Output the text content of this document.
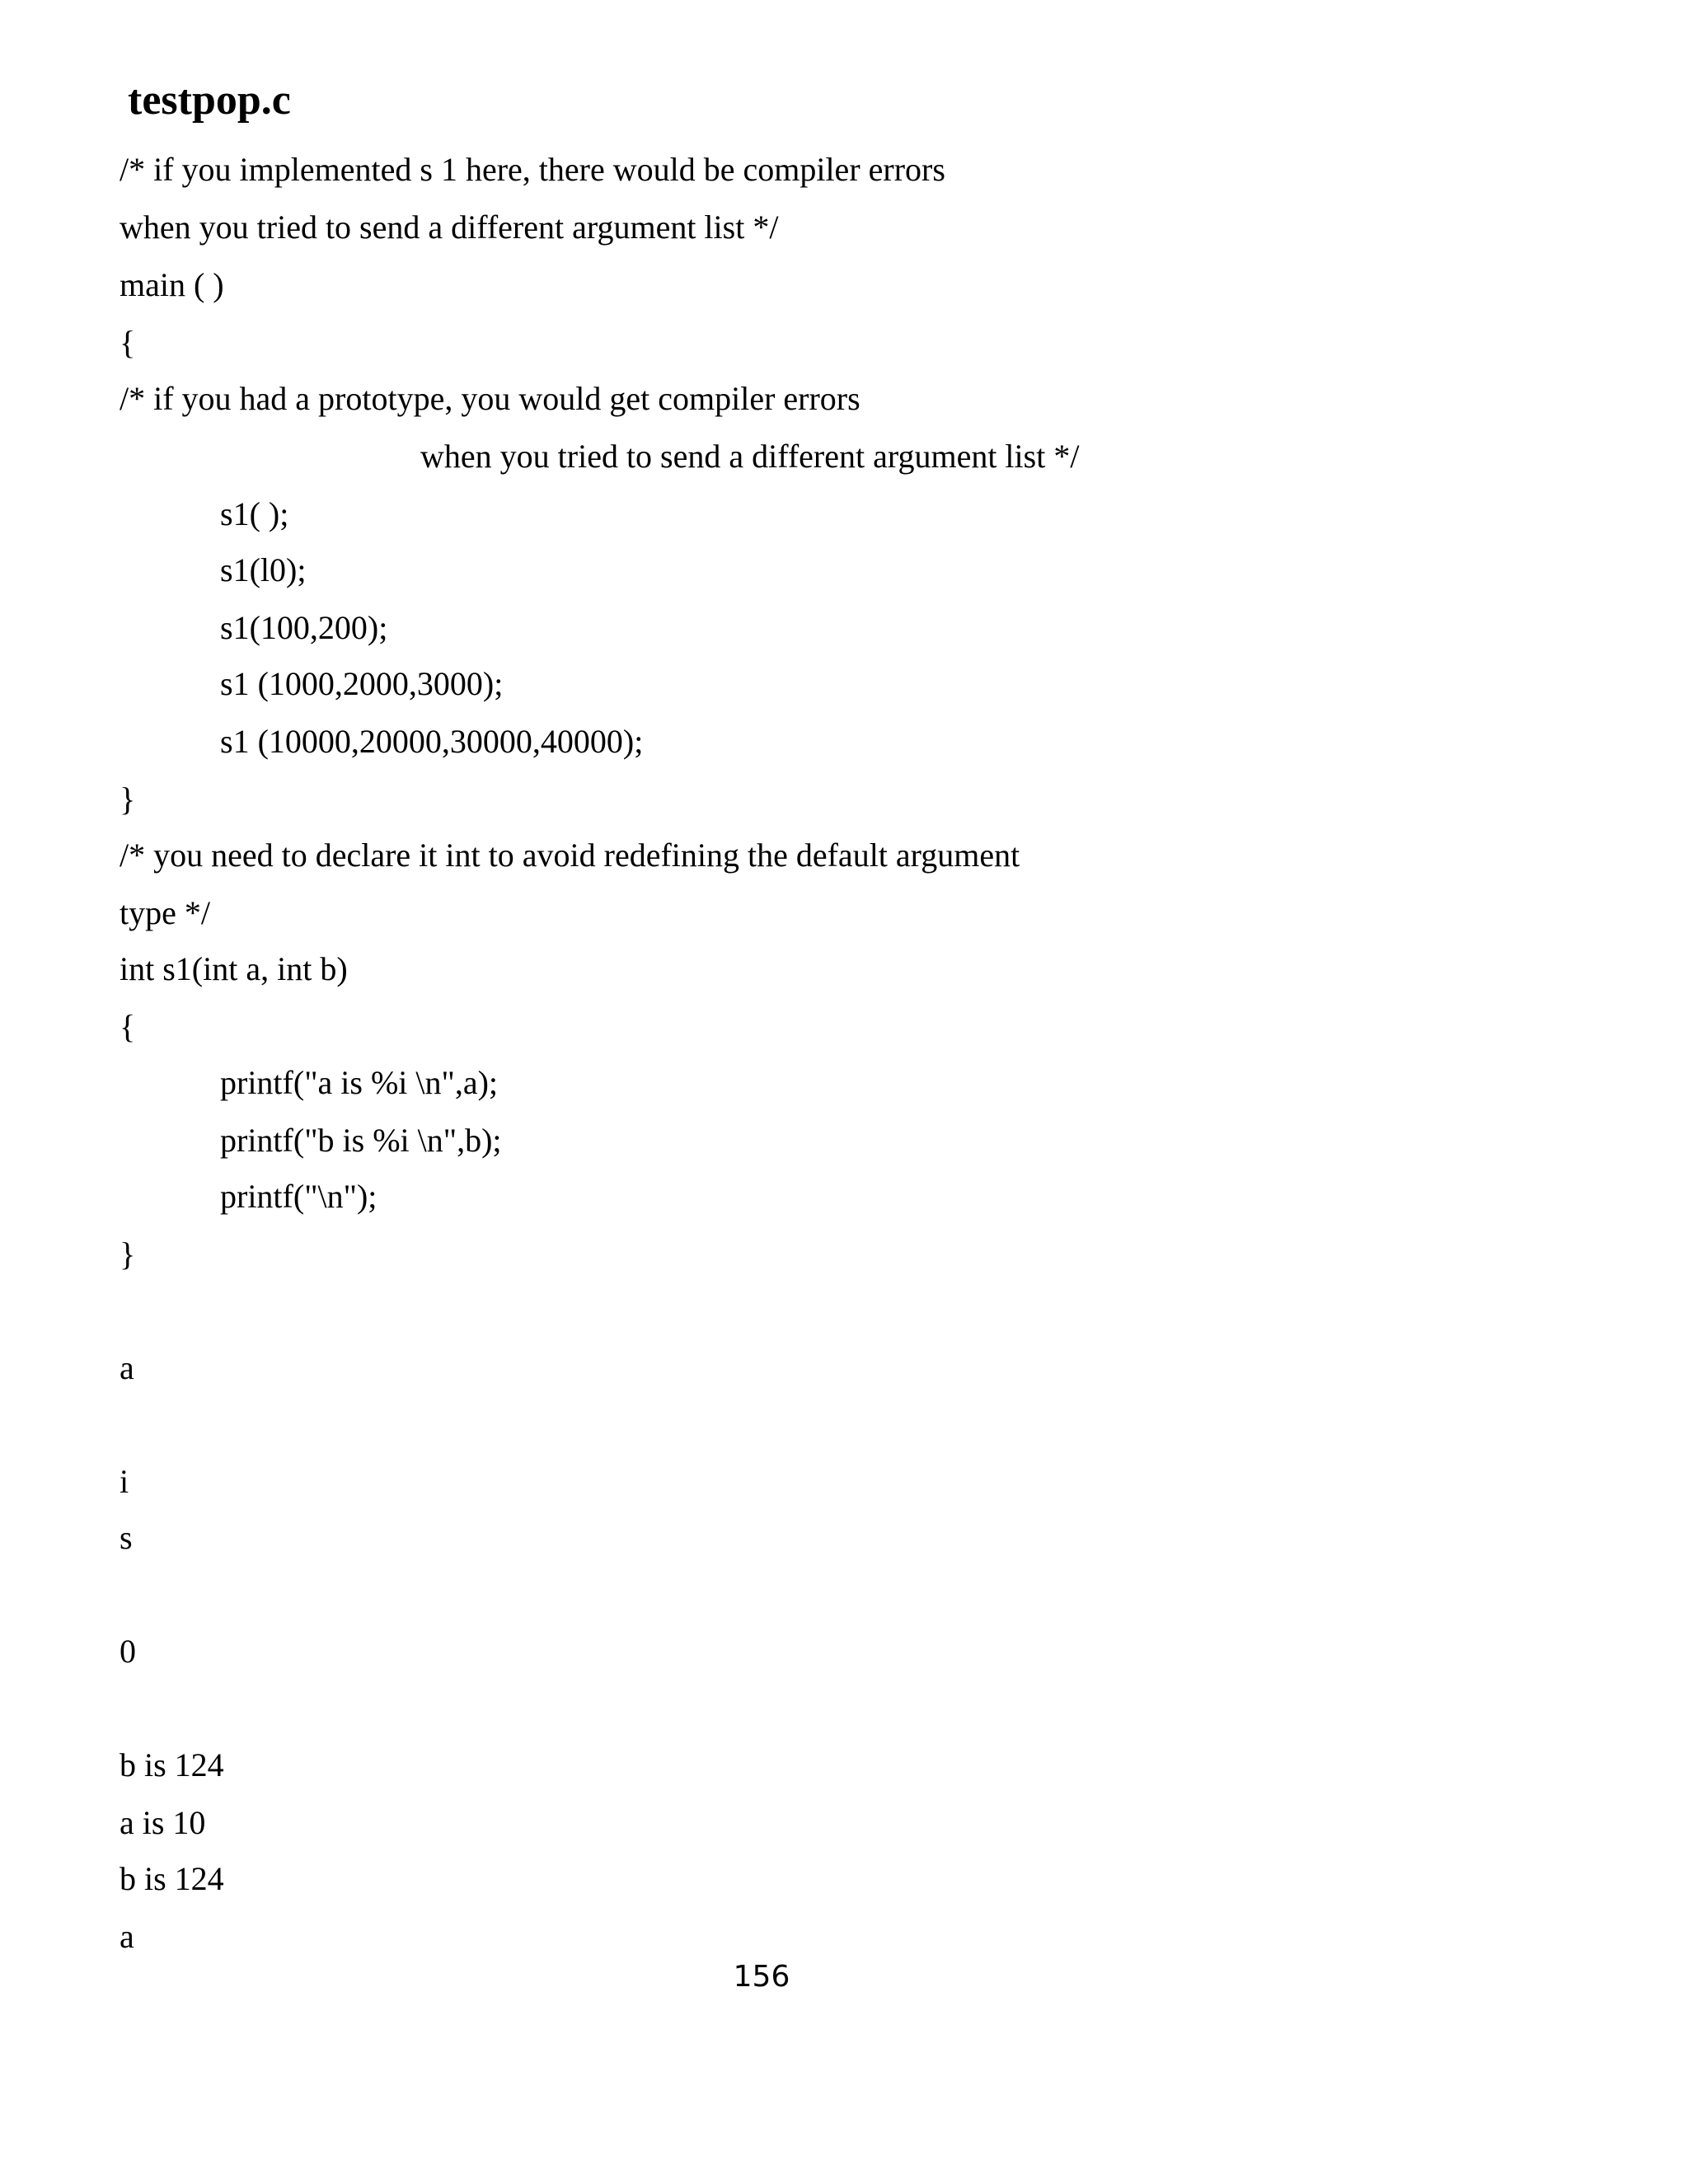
testpop.c
/* if you implemented s 1 here, there would be compiler errors
when you tried to send a different argument list */
main ( )
{
/* if you had a prototype, you would get compiler errors
when you tried to send a different argument list */
s1( );
s1(l0);
s1(100,200);
s1 (1000,2000,3000);
s1 (10000,20000,30000,40000);
}
/* you need to declare it int to avoid redefining the default argument
type */
int s1(int a, int b)
{
printf("a is %i \n",a);
printf("b is %i \n",b);
printf("\n");
}
a
i
s
0
b is 124
a is 10
b is 124
a
156
